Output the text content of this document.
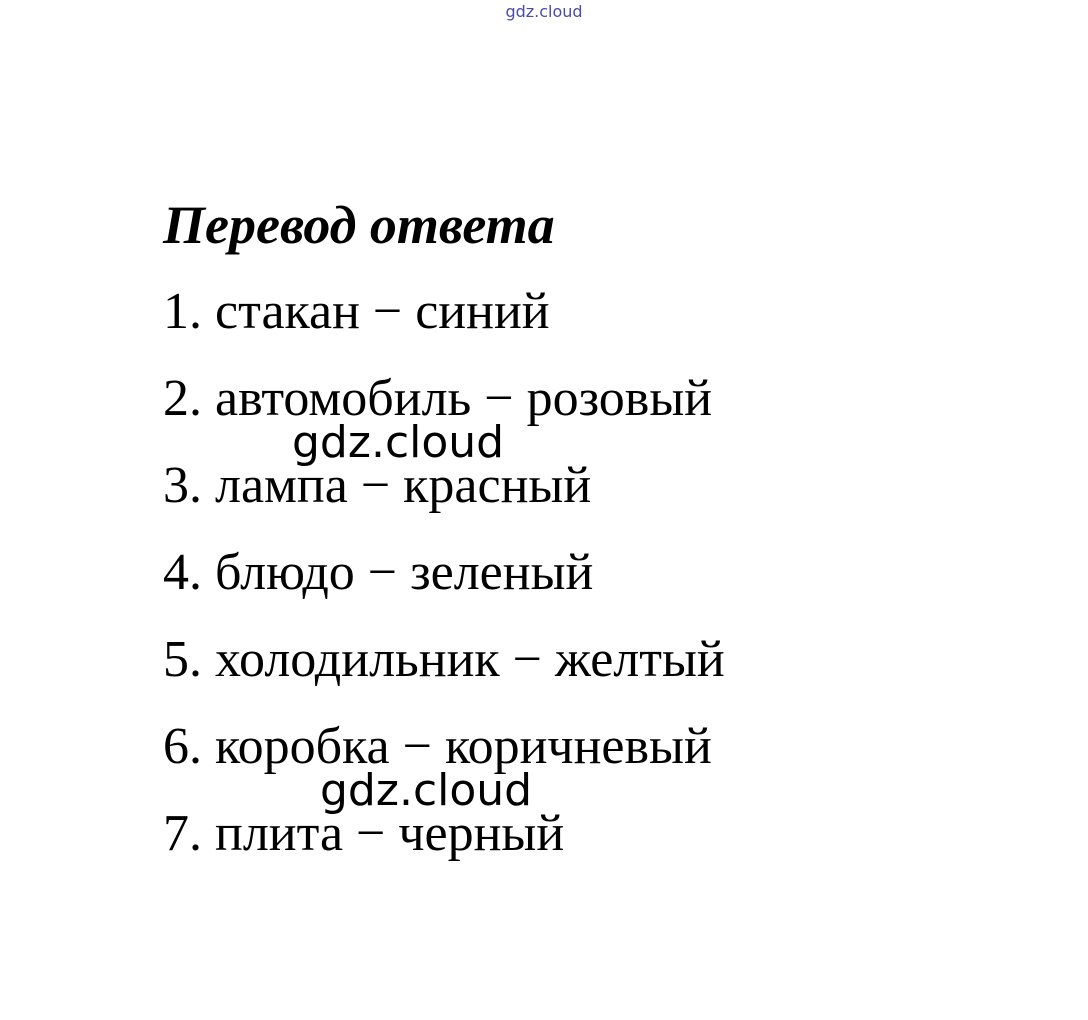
gdz.cloud
Перевод ответа
1. стакан − синий
2. автомобиль − розовый
3. лампа − красный
4. блюдо − зеленый
5. холодильник − желтый
6. коробка − коричневый
7. плита − черный
gdz.cloud
gdz.cloud
